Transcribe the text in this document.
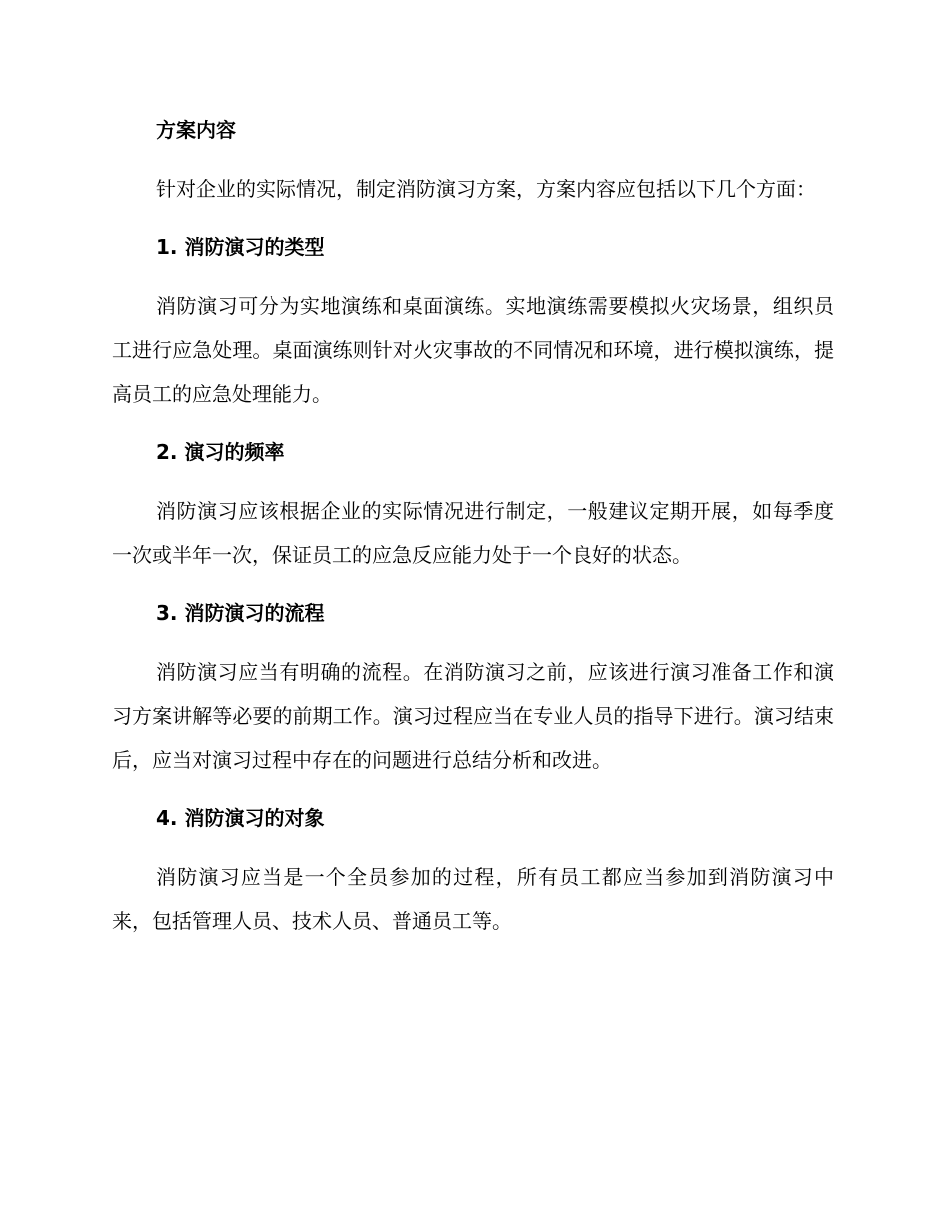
方案内容

针对企业的实际情况，制定消防演习方案，方案内容应包括以下几个方面：

1. 消防演习的类型

消防演习可分为实地演练和桌面演练。实地演练需要模拟火灾场景，组织员工进行应急处理。桌面演练则针对火灾事故的不同情况和环境，进行模拟演练，提高员工的应急处理能力。

2. 演习的频率

消防演习应该根据企业的实际情况进行制定，一般建议定期开展，如每季度一次或半年一次，保证员工的应急反应能力处于一个良好的状态。

3. 消防演习的流程

消防演习应当有明确的流程。在消防演习之前，应该进行演习准备工作和演习方案讲解等必要的前期工作。演习过程应当在专业人员的指导下进行。演习结束后，应当对演习过程中存在的问题进行总结分析和改进。

4. 消防演习的对象

消防演习应当是一个全员参加的过程，所有员工都应当参加到消防演习中来，包括管理人员、技术人员、普通员工等。
